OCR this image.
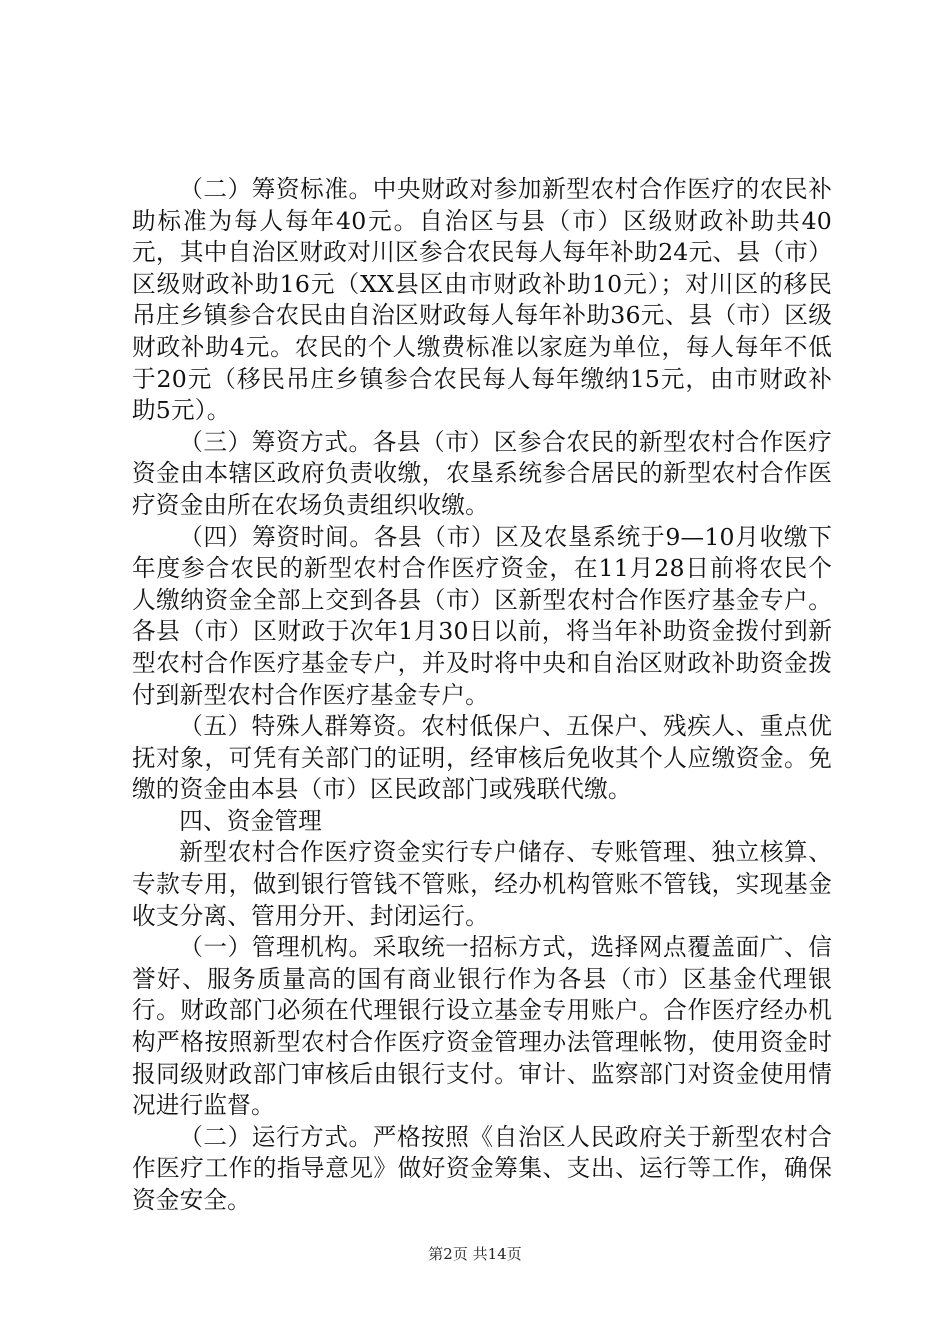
（二）筹资标准。中央财政对参加新型农村合作医疗的农民补助标准为每人每年40元。自治区与县（市）区级财政补助共40元，其中自治区财政对川区参合农民每人每年补助24元、县（市）区级财政补助16元（XX县区由市财政补助10元）；对川区的移民吊庄乡镇参合农民由自治区财政每人每年补助36元、县（市）区级财政补助4元。农民的个人缴费标准以家庭为单位，每人每年不低于20元（移民吊庄乡镇参合农民每人每年缴纳15元，由市财政补助5元）。

（三）筹资方式。各县（市）区参合农民的新型农村合作医疗资金由本辖区政府负责收缴，农垦系统参合居民的新型农村合作医疗资金由所在农场负责组织收缴。

（四）筹资时间。各县（市）区及农垦系统于9—10月收缴下年度参合农民的新型农村合作医疗资金，在11月28日前将农民个人缴纳资金全部上交到各县（市）区新型农村合作医疗基金专户。各县（市）区财政于次年1月30日以前，将当年补助资金拨付到新型农村合作医疗基金专户，并及时将中央和自治区财政补助资金拨付到新型农村合作医疗基金专户。

（五）特殊人群筹资。农村低保户、五保户、残疾人、重点优抚对象，可凭有关部门的证明，经审核后免收其个人应缴资金。免缴的资金由本县（市）区民政部门或残联代缴。

四、资金管理

新型农村合作医疗资金实行专户储存、专账管理、独立核算、专款专用，做到银行管钱不管账，经办机构管账不管钱，实现基金收支分离、管用分开、封闭运行。

（一）管理机构。采取统一招标方式，选择网点覆盖面广、信誉好、服务质量高的国有商业银行作为各县（市）区基金代理银行。财政部门必须在代理银行设立基金专用账户。合作医疗经办机构严格按照新型农村合作医疗资金管理办法管理帐物，使用资金时报同级财政部门审核后由银行支付。审计、监察部门对资金使用情况进行监督。

（二）运行方式。严格按照《自治区人民政府关于新型农村合作医疗工作的指导意见》做好资金筹集、支出、运行等工作，确保资金安全。

第2页 共14页
